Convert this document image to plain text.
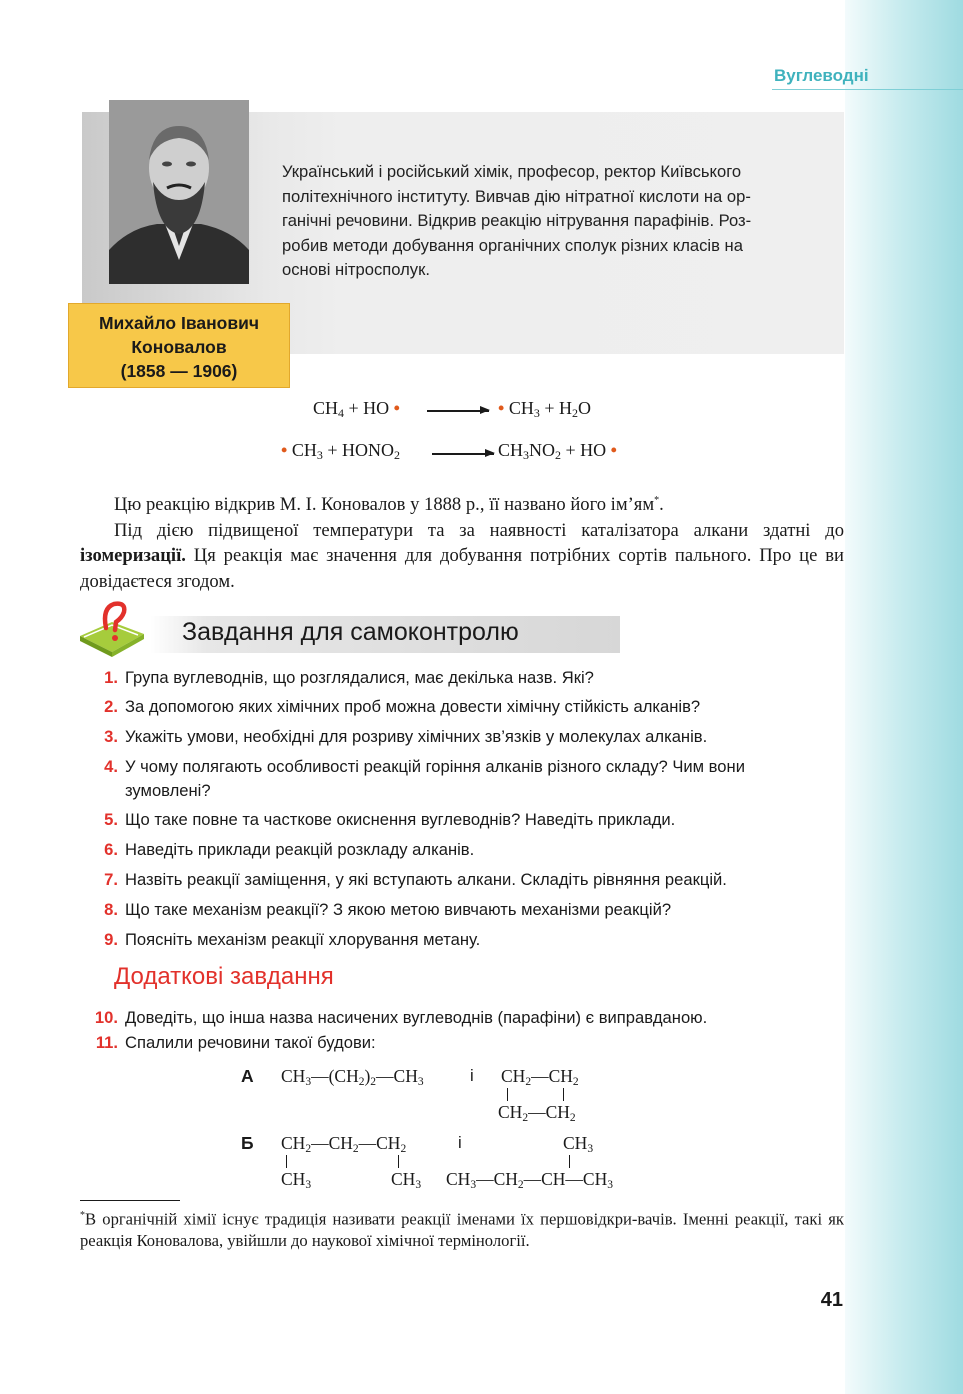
Вуглеводні

Український і російський хімік, професор, ректор Київського
політехнічного інституту. Вивчав дію нітратної кислоти на ор-
ганічні речовини. Відкрив реакцію нітрування парафінів. Роз-
робив методи добування органічних сполук різних класів на
основі нітросполук.

Михайло Іванович
Коновалов
(1858 — 1906)
$CH_4$ + HO • → • $CH_3 + H_2O$
• $CH_3$ + $HONO_2 \to CH_3NO_2$ + HO •

Цю реакцію відкрив М. І. Коновалов у 1888 р., її названо його ім’ям*.

Під дією підвищеної температури та за наявності каталізатора алкани здатні до ізомеризації. Ця реакція має значення для добування потрібних сортів пального. Про це ви довідаєтеся згодом.

Завдання для самоконтролю
1. Група вуглеводнів, що розглядалися, має декілька назв. Які?
2. За допомогою яких хімічних проб можна довести хімічну стійкість алканів?
3. Укажіть умови, необхідні для розриву хімічних зв’язків у молекулах алканів.
4. У чому полягають особливості реакцій горіння алканів різного складу? Чим вони
зумовлені?
5. Що таке повне та часткове окиснення вуглеводнів? Наведіть приклади.
6. Наведіть приклади реакцій розкладу алканів.
7. Назвіть реакції заміщення, у які вступають алкани. Складіть рівняння реакцій.
8. Що таке механізм реакції? З якою метою вивчають механізми реакцій?
9. Поясніть механізм реакції хлорування метану.
Додаткові завдання
10. Доведіть, що інша назва насичених вуглеводнів (парафіни) є виправданою.
11. Спалили речовини такої будови:
А $CH_3—(CH_2)_2—CH_3$	і $CH_2—CH_2$
$CH_2—CH_2$
Б $CH_2—CH_2—CH_2$
$CH_3$	$CH_3$
і	$CH_3$
$CH_3—CH_2—CH—CH_3$

*В органічній хімії існує традиція називати реакції іменами їх першовідкри-вачів. Іменні реакції, такі як реакція Коновалова, увійшли до наукової хімічної термінології.

41
